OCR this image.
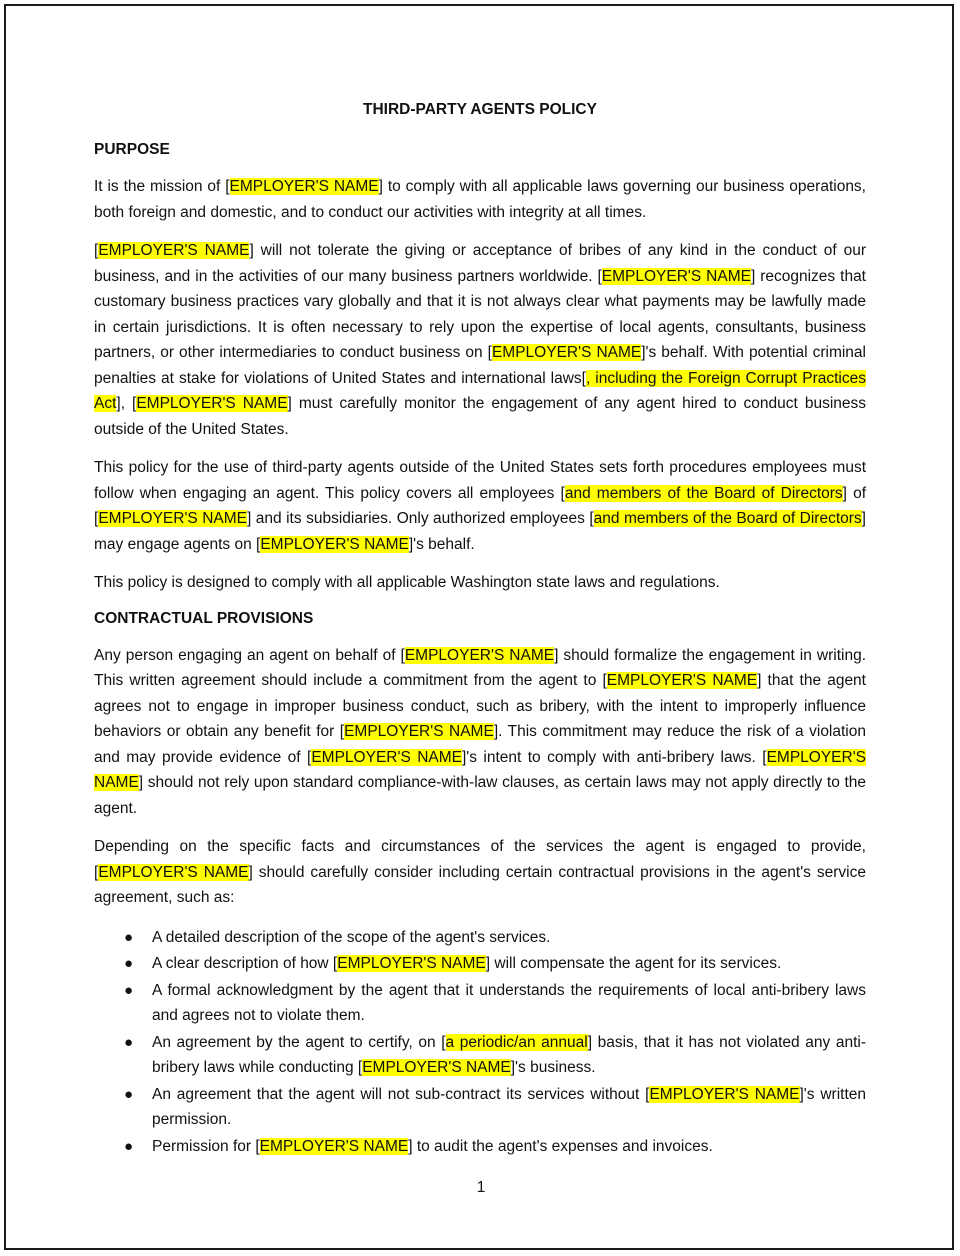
THIRD-PARTY AGENTS POLICY
PURPOSE

It is the mission of [EMPLOYER'S NAME] to comply with all applicable laws governing our business operations, both foreign and domestic, and to conduct our activities with integrity at all times.

[EMPLOYER'S NAME] will not tolerate the giving or acceptance of bribes of any kind in the conduct of our business, and in the activities of our many business partners worldwide. [EMPLOYER'S NAME] recognizes that customary business practices vary globally and that it is not always clear what payments may be lawfully made in certain jurisdictions. It is often necessary to rely upon the expertise of local agents, consultants, business partners, or other intermediaries to conduct business on [EMPLOYER'S NAME]'s behalf. With potential criminal penalties at stake for violations of United States and international laws[, including the Foreign Corrupt Practices Act], [EMPLOYER'S NAME] must carefully monitor the engagement of any agent hired to conduct business outside of the United States.

This policy for the use of third-party agents outside of the United States sets forth procedures employees must follow when engaging an agent. This policy covers all employees [and members of the Board of Directors] of [EMPLOYER'S NAME] and its subsidiaries. Only authorized employees [and members of the Board of Directors] may engage agents on [EMPLOYER'S NAME]'s behalf.

This policy is designed to comply with all applicable Washington state laws and regulations.

CONTRACTUAL PROVISIONS

Any person engaging an agent on behalf of [EMPLOYER'S NAME] should formalize the engagement in writing. This written agreement should include a commitment from the agent to [EMPLOYER'S NAME] that the agent agrees not to engage in improper business conduct, such as bribery, with the intent to improperly influence behaviors or obtain any benefit for [EMPLOYER'S NAME]. This commitment may reduce the risk of a violation and may provide evidence of [EMPLOYER'S NAME]'s intent to comply with anti-bribery laws. [EMPLOYER'S NAME] should not rely upon standard compliance-with-law clauses, as certain laws may not apply directly to the agent.

Depending on the specific facts and circumstances of the services the agent is engaged to provide, [EMPLOYER'S NAME] should carefully consider including certain contractual provisions in the agent's service agreement, such as:

● A detailed description of the scope of the agent's services.
● A clear description of how [EMPLOYER'S NAME] will compensate the agent for its services.
● A formal acknowledgment by the agent that it understands the requirements of local anti-bribery laws and agrees not to violate them.
● An agreement by the agent to certify, on [a periodic/an annual] basis, that it has not violated any anti-bribery laws while conducting [EMPLOYER'S NAME]'s business.
● An agreement that the agent will not sub-contract its services without [EMPLOYER'S NAME]'s written permission.
● Permission for [EMPLOYER'S NAME] to audit the agent's expenses and invoices.
1
